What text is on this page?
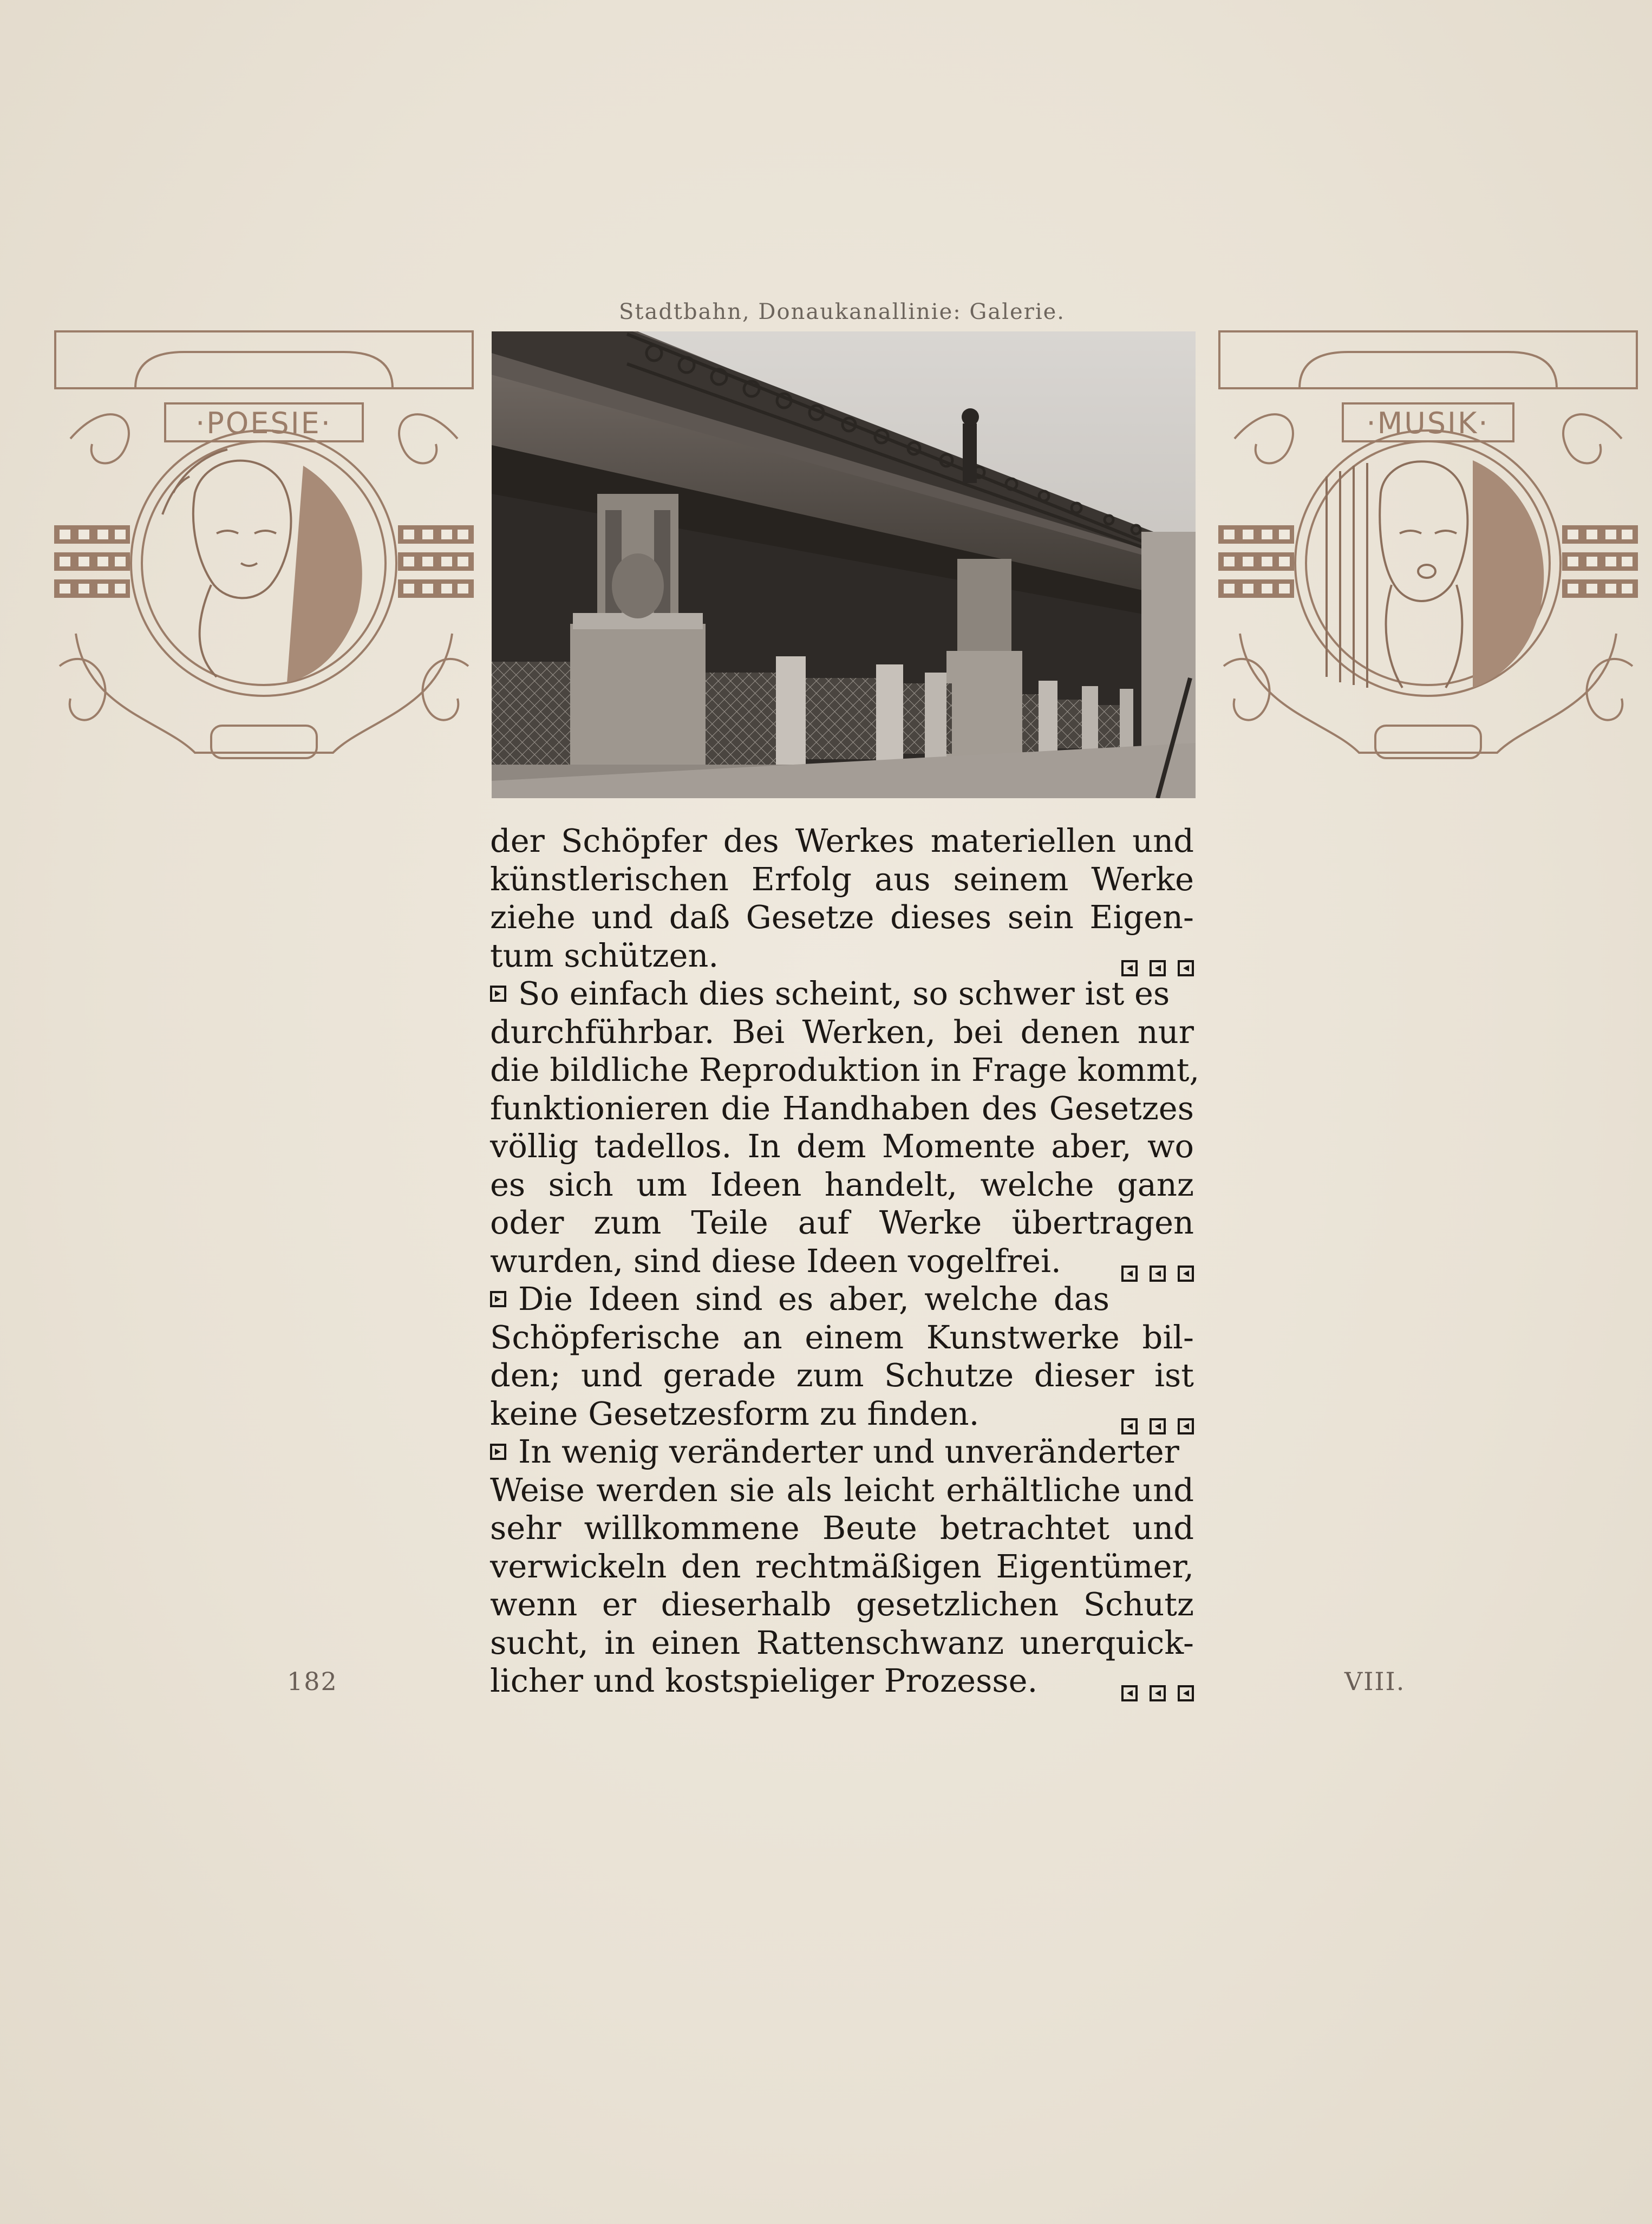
Stadtbahn, Donaukanallinie: Galerie.
·POESIE·	·MUSIK·

der Schöpfer des Werkes materiellen und
künstlerischen Erfolg aus seinem Werke
ziehe und daß Gesetze dieses sein Eigen-
tum schützen.

So einfach dies scheint, so schwer ist es
durchführbar. Bei Werken, bei denen nur
die bildliche Reproduktion in Frage kommt,
funktionieren die Handhaben des Gesetzes
völlig tadellos. In dem Momente aber, wo
es sich um Ideen handelt, welche ganz
oder zum Teile auf Werke übertragen
wurden, sind diese Ideen vogelfrei.

Die Ideen sind es aber, welche das
Schöpferische an einem Kunstwerke bil-
den; und gerade zum Schutze dieser ist
keine Gesetzesform zu finden.

In wenig veränderter und unveränderter
Weise werden sie als leicht erhältliche und
sehr willkommene Beute betrachtet und
verwickeln den rechtmäßigen Eigentümer,
wenn er dieserhalb gesetzlichen Schutz
sucht, in einen Rattenschwanz unerquick-
licher und kostspieliger Prozesse.

182	VIII.
